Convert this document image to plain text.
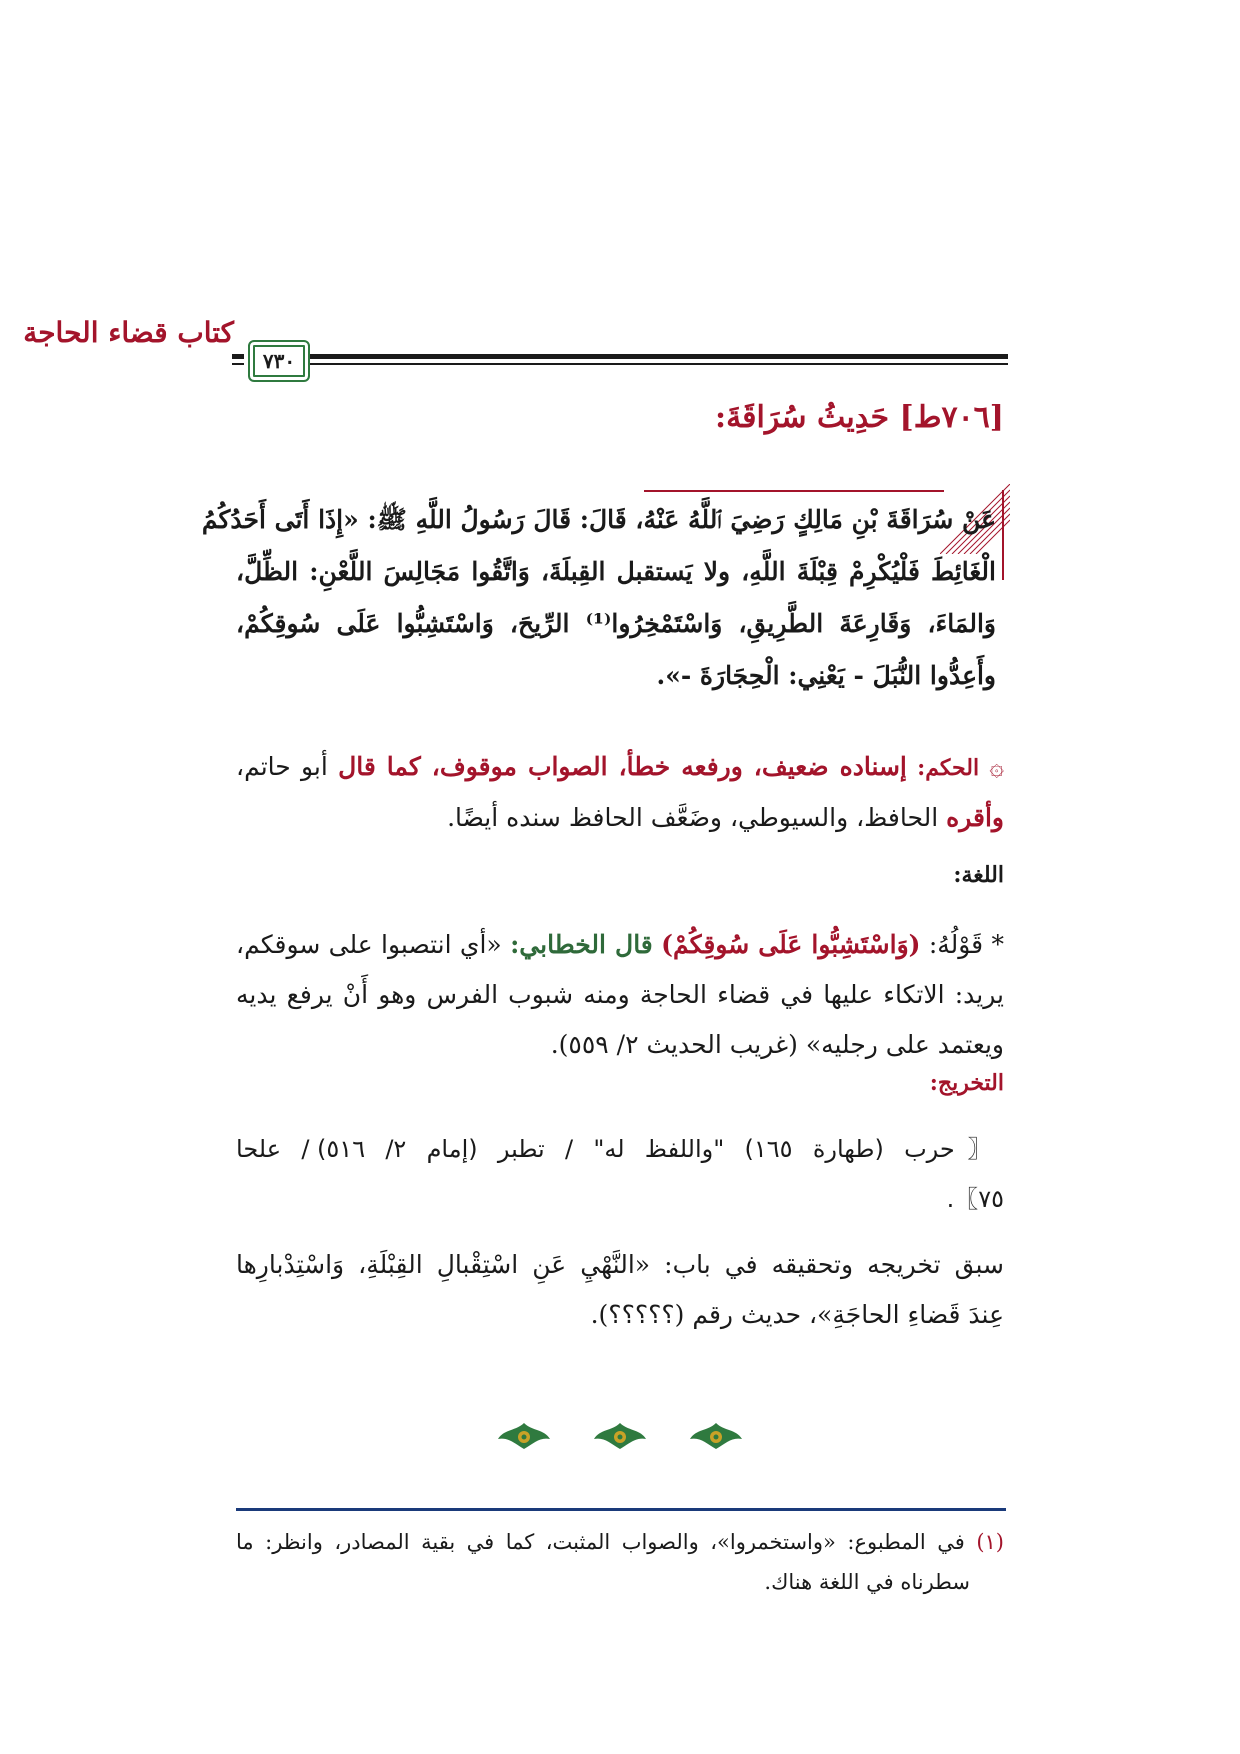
كتاب قضاء الحاجة
٧٣٠
[٧٠٦ط] حَدِيثُ سُرَاقَةَ:
عَنْ سُرَاقَةَ بْنِ مَالِكٍ رَضِيَ ٱللَّهُ عَنْهُ، قَالَ: قَالَ رَسُولُ اللَّهِ ﷺ: «إِذَا أَتَى أَحَدُكُمُ
الْغَائِطَ فَلْيُكْرِمْ قِبْلَةَ اللَّهِ، ولا يَستقبل القِبلَةَ، وَاتَّقُوا مَجَالِسَ اللَّعْنِ: الظِّلَّ،
وَالمَاءَ، وَقَارِعَةَ الطَّرِيقِ، وَاسْتَمْخِرُوا⁽¹⁾ الرِّيحَ، وَاسْتَشِبُّوا عَلَى سُوقِكُمْ،
وأَعِدُّوا النُّبَلَ - يَعْنِي: الْحِجَارَةَ -».
۞ الحكم: إسناده ضعيف، ورفعه خطأ، الصواب موقوف، كما قال أبو حاتم،
وأقره الحافظ، والسيوطي، وضَعَّف الحافظ سنده أيضًا.
اللغة:
* قَوْلُهُ: (وَاسْتَشِبُّوا عَلَى سُوقِكُمْ) قال الخطابي: «أي انتصبوا على سوقكم،
يريد: الاتكاء عليها في قضاء الحاجة ومنه شبوب الفرس وهو أَنْ يرفع يديه
ويعتمد على رجليه» (غريب الحديث ٢/ ٥٥٩).
التخريج:
〖حرب (طهارة ١٦٥) "واللفظ له" / تطبر (إمام ٢/ ٥١٦) / علحا
٧٥〗.
سبق تخريجه وتحقيقه في باب: «النَّهْيِ عَنِ اسْتِقْبالِ القِبْلَةِ، وَاسْتِدْبارِها
عِندَ قَضاءِ الحاجَةِ»، حديث رقم (؟؟؟؟؟).
(١) في المطبوع: «واستخمروا»، والصواب المثبت، كما في بقية المصادر، وانظر: ما
سطرناه في اللغة هناك.
